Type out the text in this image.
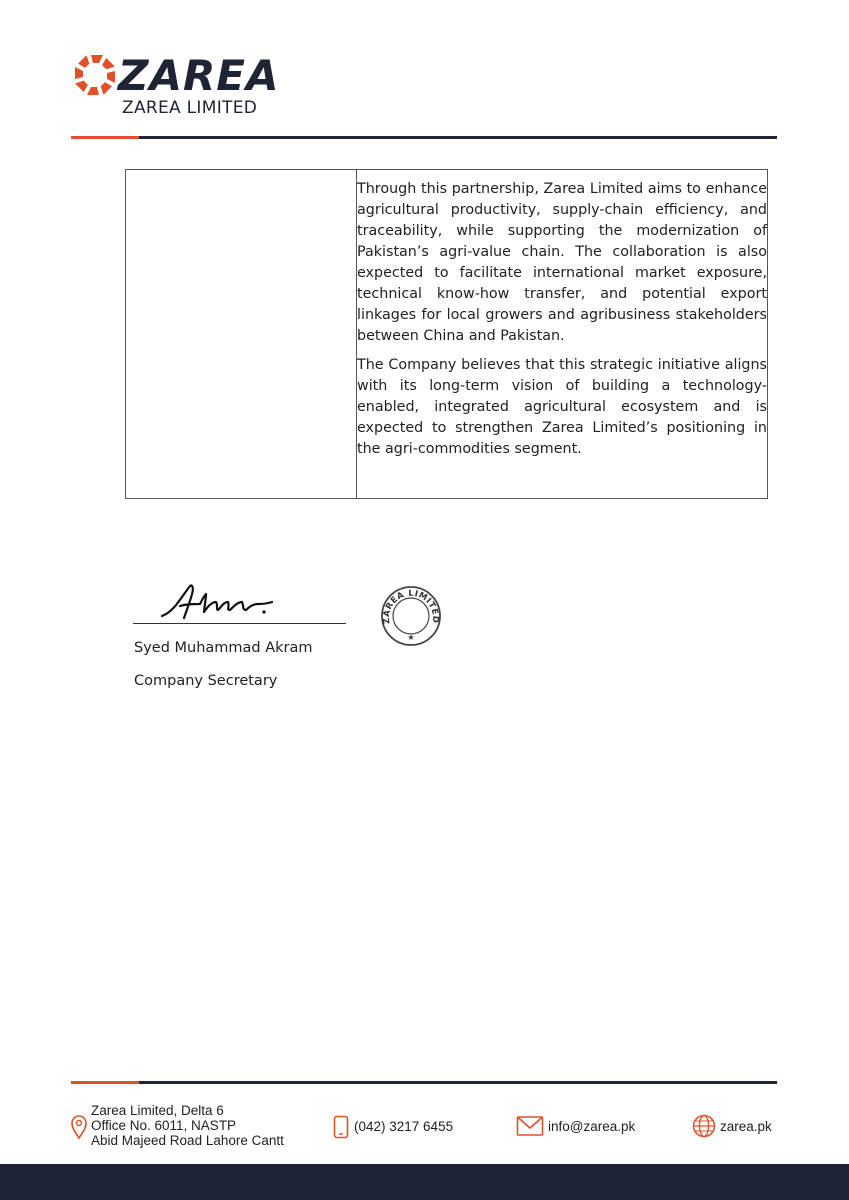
ZAREA
ZAREA LIMITED

Through this partnership, Zarea Limited aims to enhance agricultural productivity, supply-chain efficiency, and traceability, while supporting the modernization of Pakistan’s agri-value chain. The collaboration is also expected to facilitate international market exposure, technical know-how transfer, and potential export linkages for local growers and agribusiness stakeholders between China and Pakistan.

The Company believes that this strategic initiative aligns with its long-term vision of building a technology-enabled, integrated agricultural ecosystem and is expected to strengthen Zarea Limited’s positioning in the agri-commodities segment.

Syed Muhammad Akram
Company Secretary
ZAREA LIMITED
★
Zarea Limited, Delta 6
Office No. 6011, NASTP
Abid Majeed Road Lahore Cantt
(042) 3217 6455	info@zarea.pk	zarea.pk
